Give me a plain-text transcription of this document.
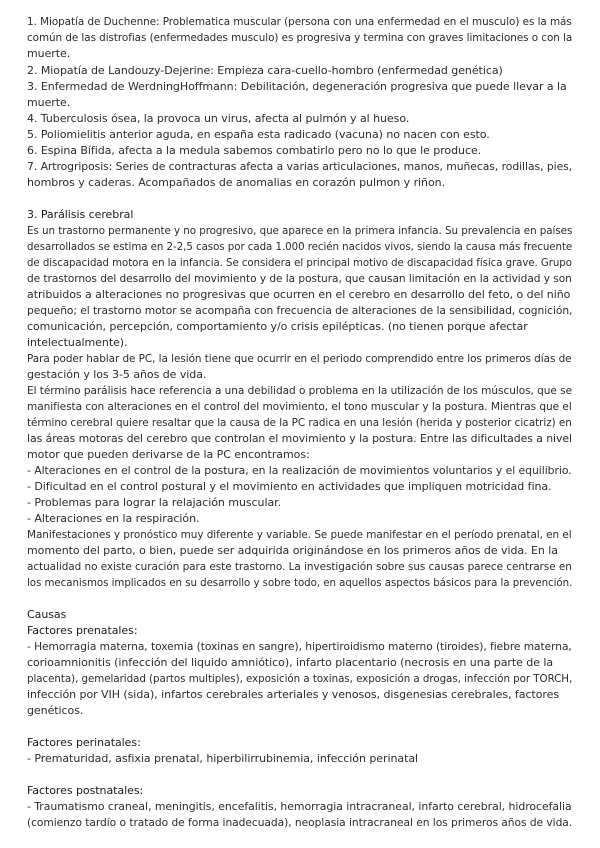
1. Miopatía de Duchenne: Problematica muscular (persona con una enfermedad en el musculo) es la más

común de las distrofias (enfermedades musculo) es progresiva y termina con graves limitaciones o con la

muerte.

2. Miopatía de Landouzy-Dejerine: Empieza cara-cuello-hombro (enfermedad genética)

3. Enfermedad de WerdningHoffmann: Debilitación, degeneración progresiva que puede llevar a la

muerte.

4. Tuberculosis ósea, la provoca un virus, afecta al pulmón y al hueso.

5. Poliomielitis anterior aguda, en españa esta radicado (vacuna) no nacen con esto.

6. Espina Bífida, afecta a la medula sabemos combatirlo pero no lo que le produce.

7. Artrogriposis: Series de contracturas afecta a varias articulaciones, manos, muñecas, rodillas, pies,

hombros y caderas. Acompañados de anomalias en corazón pulmon y riñon.

3. Parálisis cerebral

Es un trastorno permanente y no progresivo, que aparece en la primera infancia. Su prevalencia en países

desarrollados se estima en 2-2,5 casos por cada 1.000 recién nacidos vivos, siendo la causa más frecuente

de discapacidad motora en la infancia. Se considera el principal motivo de discapacidad física grave. Grupo

de trastornos del desarrollo del movimiento y de la postura, que causan limitación en la actividad y son

atribuidos a alteraciones no progresivas que ocurren en el cerebro en desarrollo del feto, o del niño

pequeño; el trastorno motor se acompaña con frecuencia de alteraciones de la sensibilidad, cognición,

comunicación, percepción, comportamiento y/o crisis epilépticas. (no tienen porque afectar

intelectualmente).

Para poder hablar de PC, la lesión tiene que ocurrir en el periodo comprendido entre los primeros días de

gestación y los 3-5 años de vida.

El término parálisis hace referencia a una debilidad o problema en la utilización de los músculos, que se

manifiesta con alteraciones en el control del movimiento, el tono muscular y la postura. Mientras que el

término cerebral quiere resaltar que la causa de la PC radica en una lesión (herida y posterior cicatriz) en

las áreas motoras del cerebro que controlan el movimiento y la postura. Entre las dificultades a nivel

motor que pueden derivarse de la PC encontramos:

- Alteraciones en el control de la postura, en la realización de movimientos voluntarios y el equilibrio.

- Dificultad en el control postural y el movimiento en actividades que impliquen motricidad fina.

- Problemas para lograr la relajación muscular.

- Alteraciones en la respiración.

Manifestaciones y pronóstico muy diferente y variable. Se puede manifestar en el período prenatal, en el

momento del parto, o bien, puede ser adquirida originándose en los primeros años de vida. En la

actualidad no existe curación para este trastorno. La investigación sobre sus causas parece centrarse en

los mecanismos implicados en su desarrollo y sobre todo, en aquellos aspectos básicos para la prevención.

Causas

Factores prenatales:

- Hemorragia materna, toxemia (toxinas en sangre), hipertiroidismo materno (tiroides), fiebre materna,

corioamnionitis (infección del liquido amniótico), infarto placentario (necrosis en una parte de la

placenta), gemelaridad (partos multiples), exposición a toxinas, exposición a drogas, infección por TORCH,

infección por VIH (sida), infartos cerebrales arteriales y venosos, disgenesias cerebrales, factores

genéticos.

Factores perinatales:

- Prematuridad, asfixia prenatal, hiperbilirrubinemia, infección perinatal

Factores postnatales:

- Traumatismo craneal, meningitis, encefalitis, hemorragia intracraneal, infarto cerebral, hidrocefalia

(comienzo tardío o tratado de forma inadecuada), neoplasia intracraneal en los primeros años de vida.
